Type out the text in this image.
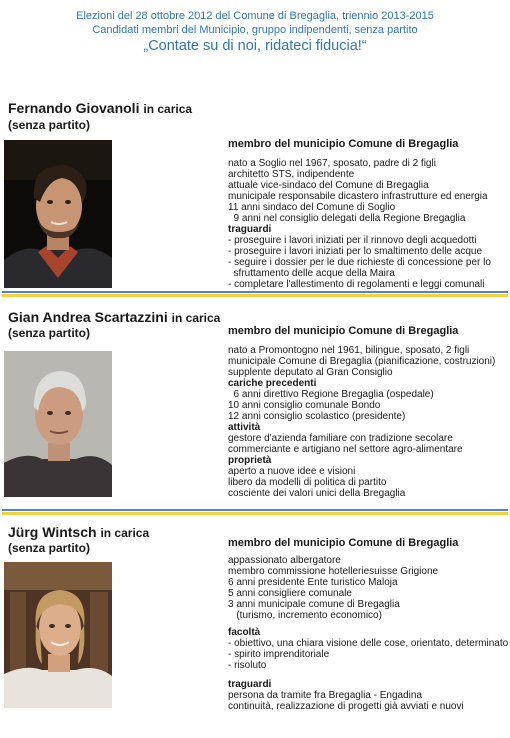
Elezioni del 28 ottobre 2012 del Comune di Bregaglia, triennio 2013-2015
Candidati membri del Municipio, gruppo indipendenti, senza partito
„Contate su di noi, ridateci fiducia!“
Fernando Giovanoli in carica
(senza partito)
membro del municipio Comune di Bregaglia
nato a Soglio nel 1967, sposato, padre di 2 figli
architetto STS, indipendente
attuale vice-sindaco del Comune di Bregaglia
municipale responsabile dicastero infrastrutture ed energia
11 anni sindaco del Comune di Soglio
9 anni nel consiglio delegati della Regione Bregaglia
traguardi
- proseguire i lavori iniziati per il rinnovo degli acquedotti
- proseguire i lavori iniziati per lo smaltimento delle acque
- seguire i dossier per le due richieste di concessione per lo
sfruttamento delle acque della Maira
- completare l'allestimento di regolamenti e leggi comunali
Gian Andrea Scartazzini in carica
(senza partito)	membro del municipio Comune di Bregaglia
nato a Promontogno nel 1961, bilingue, sposato, 2 figli
municipale Comune di Bregaglia (pianificazione, costruzioni)
supplente deputato al Gran Consiglio
cariche precedenti
6 anni direttivo Regione Bregaglia (ospedale)
10 anni consiglio comunale Bondo
12 anni consiglio scolastico (presidente)
attività
gestore d'azienda familiare con tradizione secolare
commerciante e artigiano nel settore agro-alimentare
proprietà
aperto a nuove idee e visioni
libero da modelli di politica di partito
cosciente dei valori unici della Bregaglia
Jürg Wintsch in carica
(senza partito)	membro del municipio Comune di Bregaglia
appassionato albergatore
membro commissione hotelleriesuisse Grigione
6 anni presidente Ente turistico Maloja
5 anni consigliere comunale
3 anni municipale comune di Bregaglia
(turismo, incremento economico)
facoltà
- obiettivo, una chiara visione delle cose, orientato, determinato
- spirito imprenditoriale
- risoluto
traguardi
persona da tramite fra Bregaglia - Engadina
continuità, realizzazione di progetti già avviati e nuovi
